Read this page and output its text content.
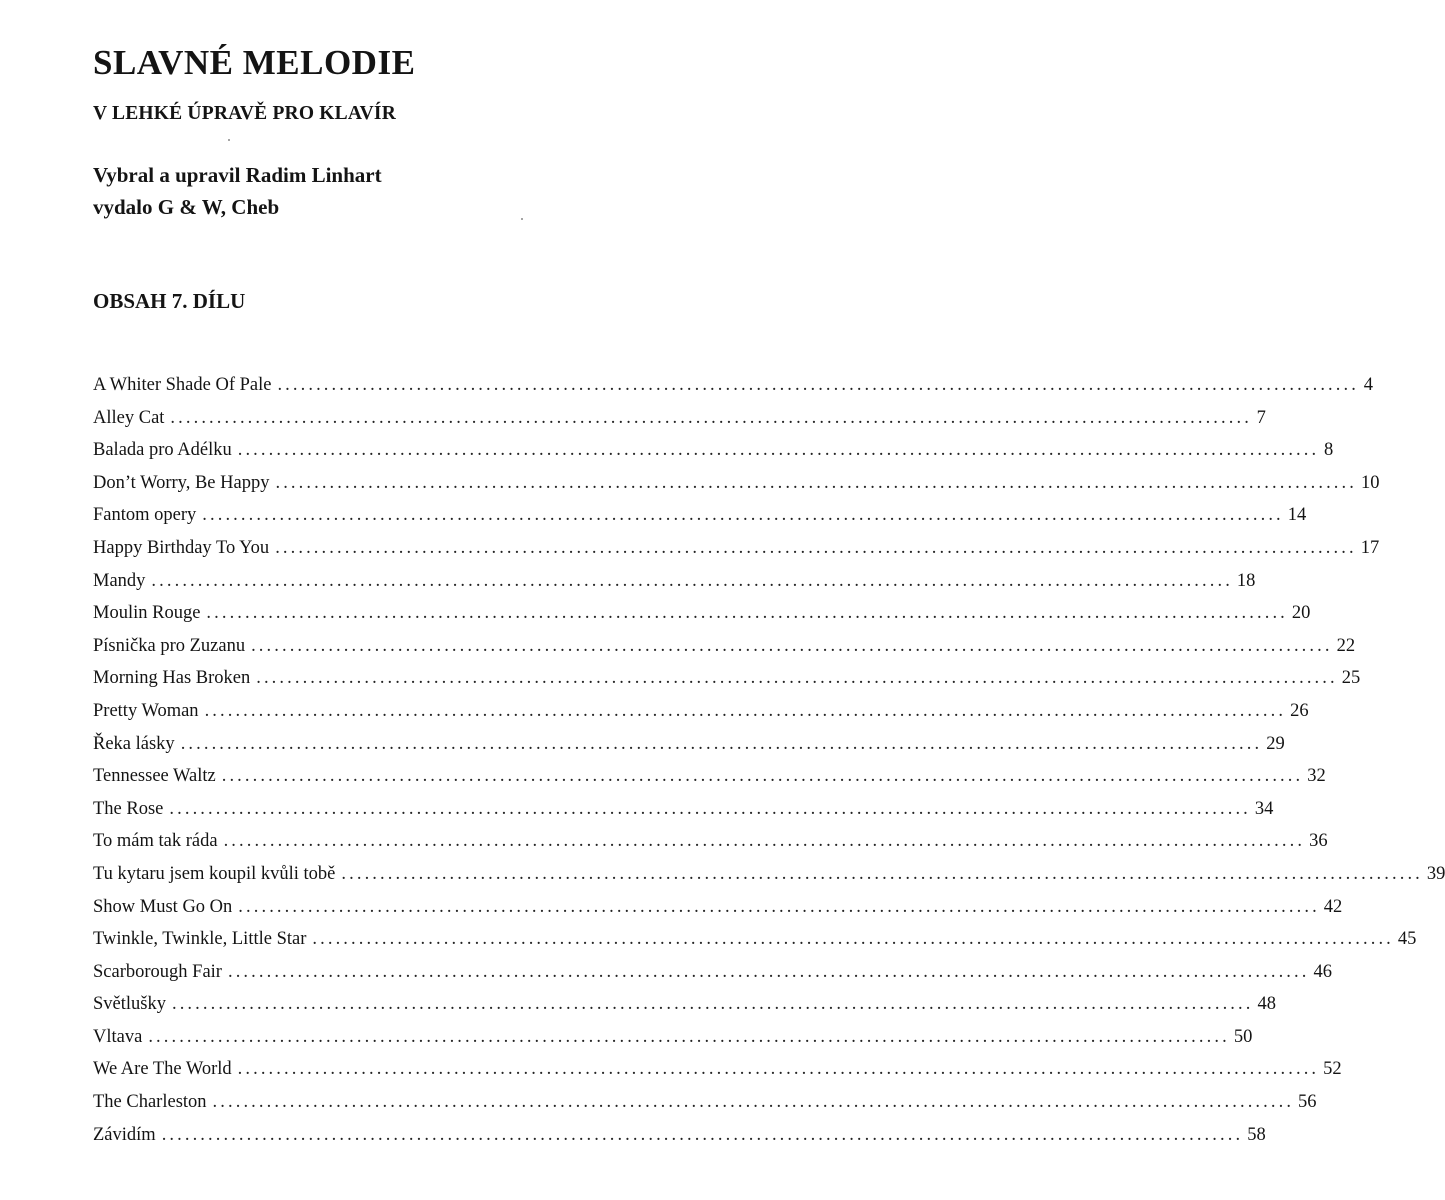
SLAVNÉ MELODIE
V LEHKÉ ÚPRAVĚ PRO KLAVÍR

Vybral a upravil Radim Linhart

vydalo G & W, Cheb

OBSAH 7. DÍLU
A Whiter Shade Of Pale ............................................................................................................................................ 4
Alley Cat ............................................................................................................................................ 7
Balada pro Adélku ............................................................................................................................................ 8
Don’t Worry, Be Happy ............................................................................................................................................ 10
Fantom opery ............................................................................................................................................ 14
Happy Birthday To You ............................................................................................................................................ 17
Mandy ............................................................................................................................................ 18
Moulin Rouge ............................................................................................................................................ 20
Písnička pro Zuzanu ............................................................................................................................................ 22
Morning Has Broken ............................................................................................................................................ 25
Pretty Woman ............................................................................................................................................ 26
Řeka lásky ............................................................................................................................................ 29
Tennessee Waltz ............................................................................................................................................ 32
The Rose ............................................................................................................................................ 34
To mám tak ráda ............................................................................................................................................ 36
Tu kytaru jsem koupil kvůli tobě ............................................................................................................................................ 39
Show Must Go On ............................................................................................................................................ 42
Twinkle, Twinkle, Little Star ............................................................................................................................................ 45
Scarborough Fair ............................................................................................................................................ 46
Světlušky ............................................................................................................................................ 48
Vltava ............................................................................................................................................ 50
We Are The World ............................................................................................................................................ 52
The Charleston ............................................................................................................................................ 56
Závidím ............................................................................................................................................ 58
